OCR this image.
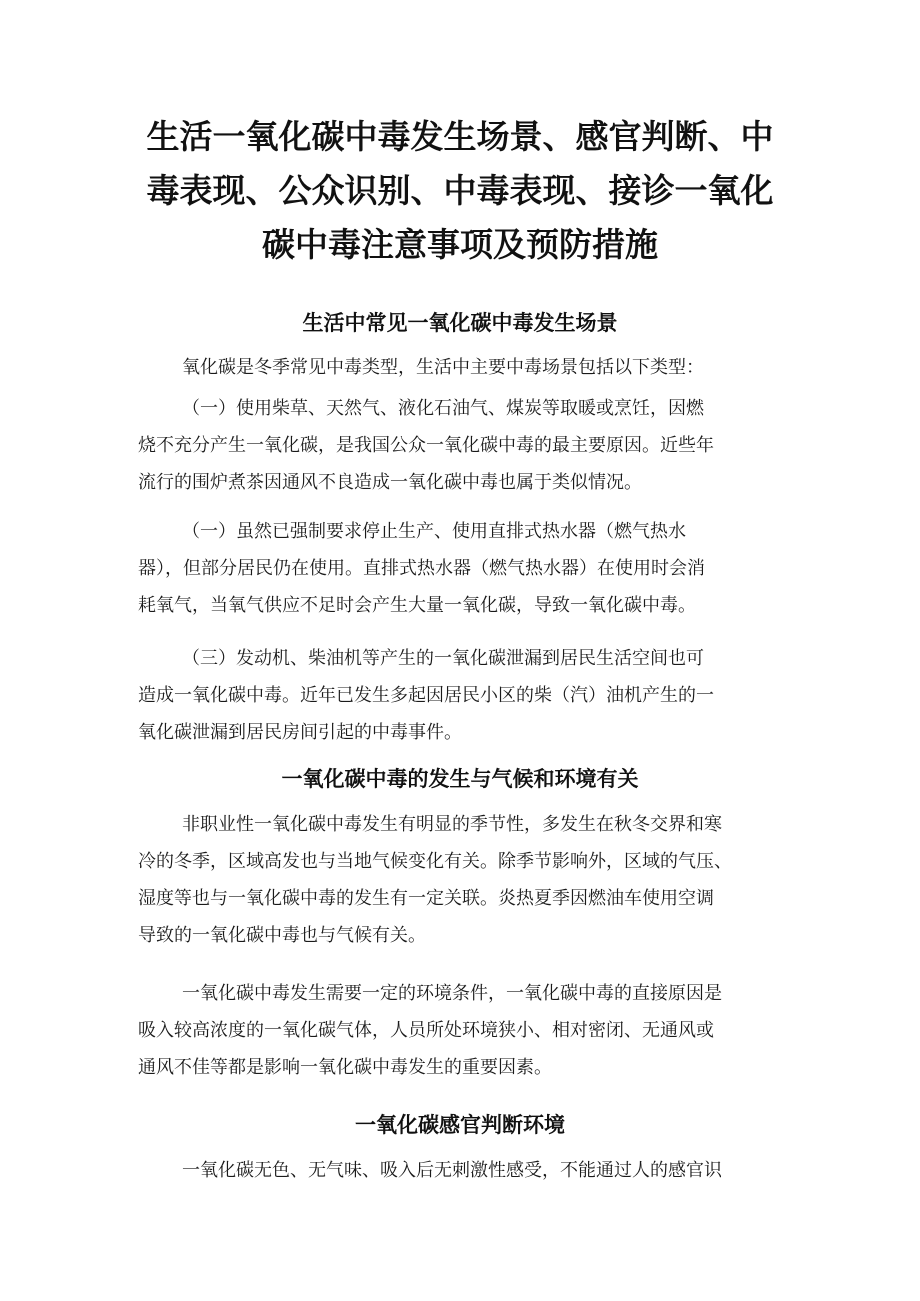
生活一氧化碳中毒发生场景、感官判断、中
毒表现、公众识别、中毒表现、接诊一氧化
碳中毒注意事项及预防措施
生活中常见一氧化碳中毒发生场景

氧化碳是冬季常见中毒类型，生活中主要中毒场景包括以下类型：

（一）使用柴草、天然气、液化石油气、煤炭等取暖或烹饪，因燃
烧不充分产生一氧化碳，是我国公众一氧化碳中毒的最主要原因。近些年
流行的围炉煮茶因通风不良造成一氧化碳中毒也属于类似情况。

（一）虽然已强制要求停止生产、使用直排式热水器（燃气热水
器），但部分居民仍在使用。直排式热水器（燃气热水器）在使用时会消
耗氧气，当氧气供应不足时会产生大量一氧化碳，导致一氧化碳中毒。

（三）发动机、柴油机等产生的一氧化碳泄漏到居民生活空间也可
造成一氧化碳中毒。近年已发生多起因居民小区的柴（汽）油机产生的一
氧化碳泄漏到居民房间引起的中毒事件。

一氧化碳中毒的发生与气候和环境有关

非职业性一氧化碳中毒发生有明显的季节性，多发生在秋冬交界和寒
冷的冬季，区域高发也与当地气候变化有关。除季节影响外，区域的气压、
湿度等也与一氧化碳中毒的发生有一定关联。炎热夏季因燃油车使用空调
导致的一氧化碳中毒也与气候有关。

一氧化碳中毒发生需要一定的环境条件，一氧化碳中毒的直接原因是
吸入较高浓度的一氧化碳气体，人员所处环境狭小、相对密闭、无通风或
通风不佳等都是影响一氧化碳中毒发生的重要因素。

一氧化碳感官判断环境

一氧化碳无色、无气味、吸入后无刺激性感受，不能通过人的感官识
